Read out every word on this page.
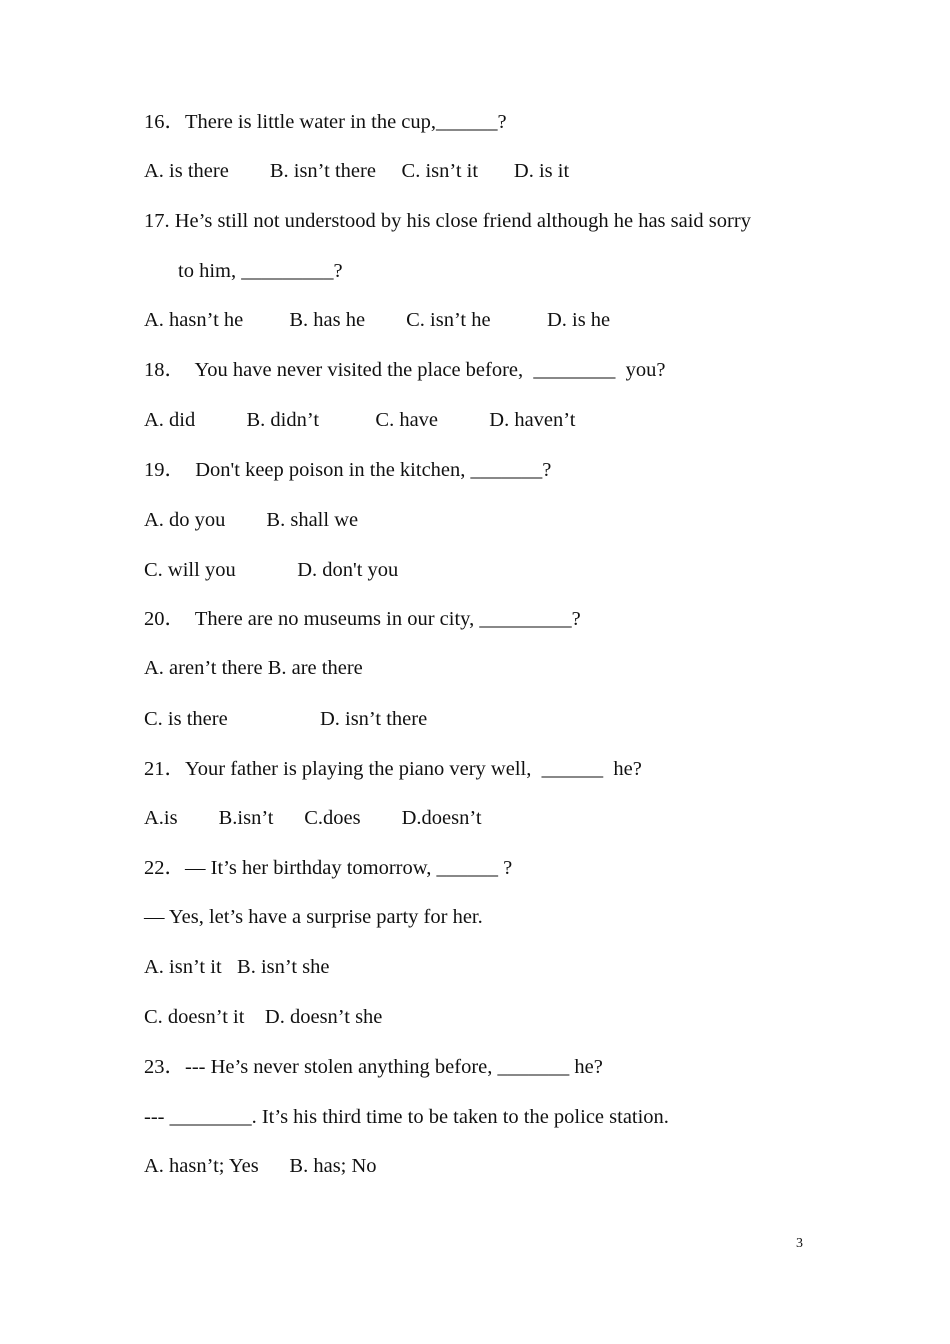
16．There is little water in the cup,______?
A. is there        B. isn’t there     C. isn’t it       D. is it
17. He’s still not understood by his close friend although he has said sorry
to him, _________?
A. hasn’t he         B. has he        C. isn’t he           D. is he
18．  You have never visited the place before,  ________  you?
A. did          B. didn’t           C. have          D. haven’t
19．  Don't keep poison in the kitchen, _______?
A. do you        B. shall we
C. will you            D. don't you
20．  There are no museums in our city, _________?
A. aren’t there B. are there
C. is there                  D. isn’t there
21．Your father is playing the piano very well,  ______  he?
A.is        B.isn’t      C.does        D.doesn’t
22．— It’s her birthday tomorrow, ______ ?
— Yes, let’s have a surprise party for her.
A. isn’t it   B. isn’t she
C. doesn’t it    D. doesn’t she
23．--- He’s never stolen anything before, _______ he?
--- ________. It’s his third time to be taken to the police station.
A. hasn’t; Yes      B. has; No
3
